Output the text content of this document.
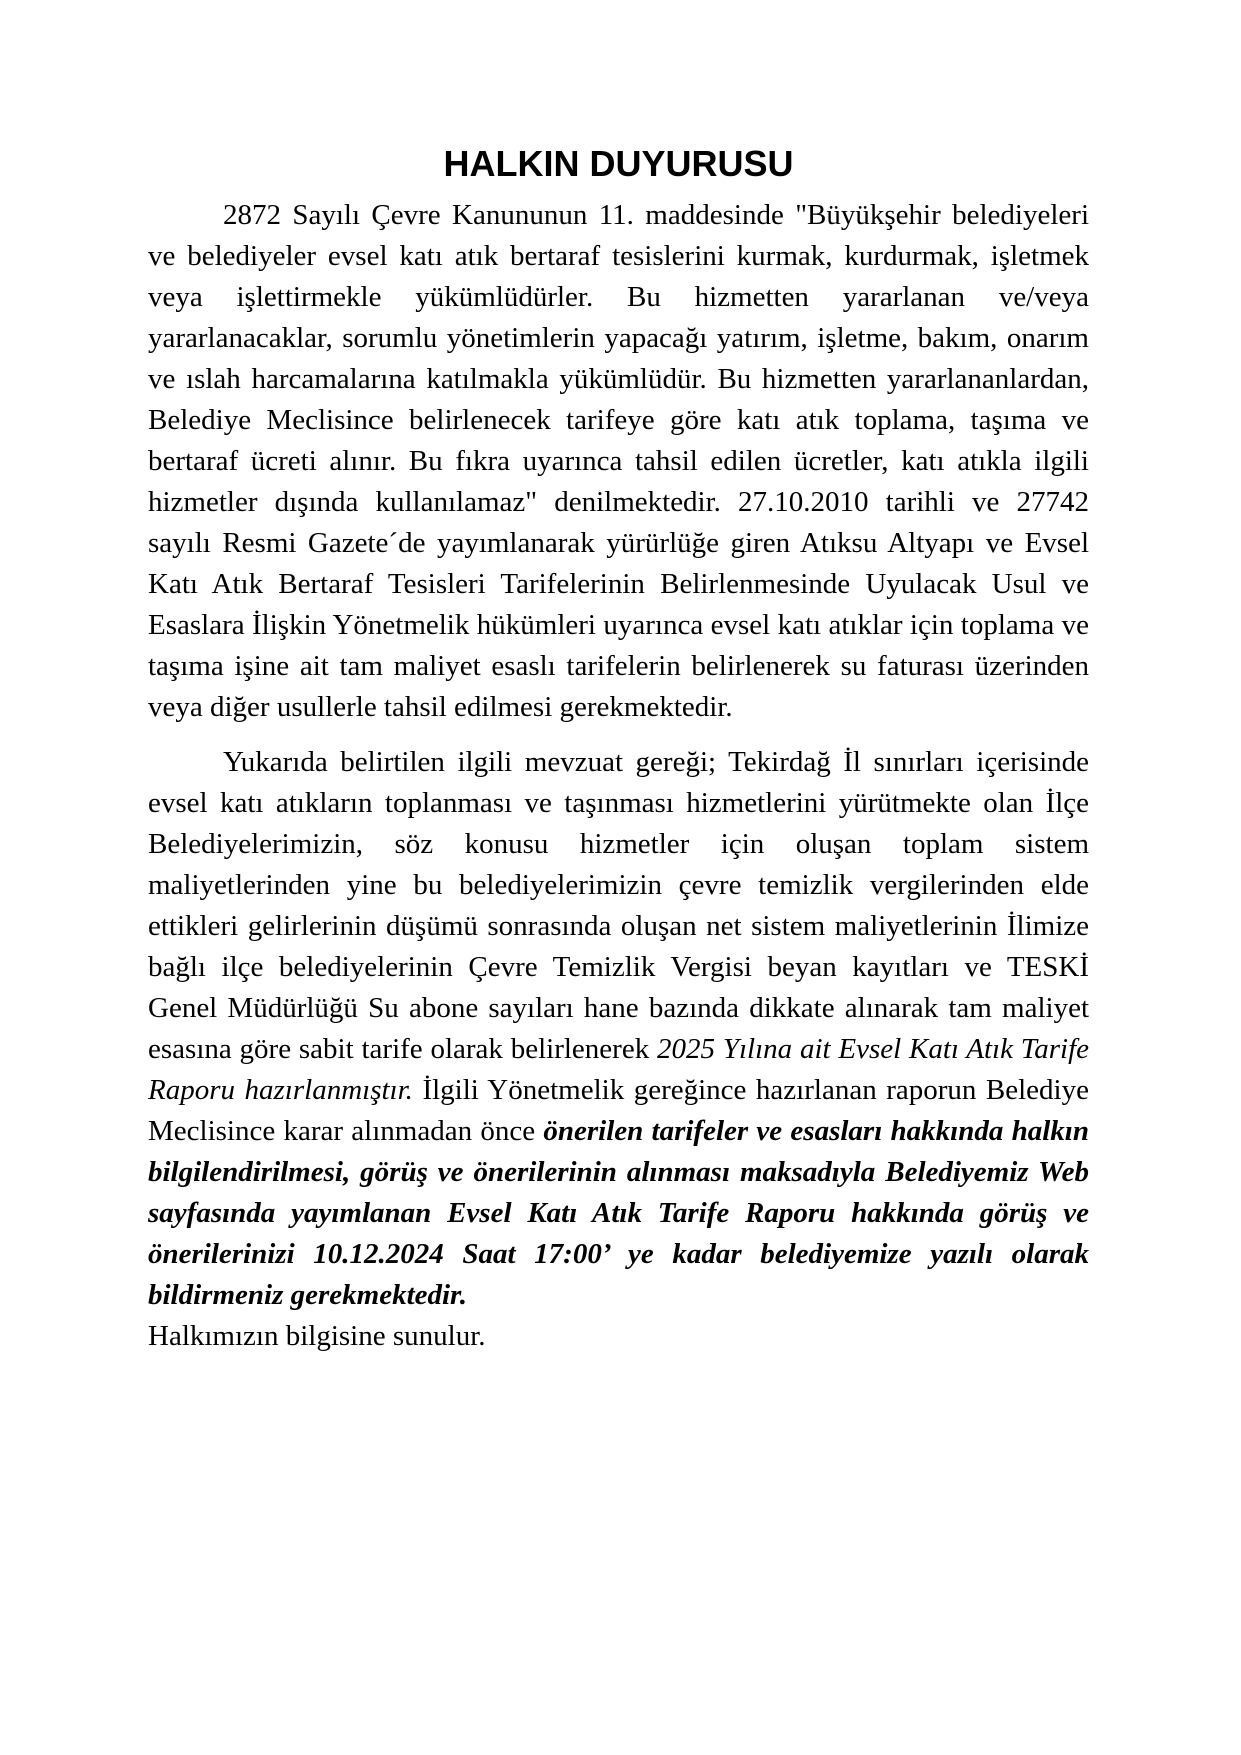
HALKIN DUYURUSU

2872 Sayılı Çevre Kanununun 11. maddesinde "Büyükşehir belediyeleri ve belediyeler evsel katı atık bertaraf tesislerini kurmak, kurdurmak, işletmek veya işlettirmekle yükümlüdürler. Bu hizmetten yararlanan ve/veya yararlanacaklar, sorumlu yönetimlerin yapacağı yatırım, işletme, bakım, onarım ve ıslah harcamalarına katılmakla yükümlüdür. Bu hizmetten yararlananlardan, Belediye Meclisince belirlenecek tarifeye göre katı atık toplama, taşıma ve bertaraf ücreti alınır. Bu fıkra uyarınca tahsil edilen ücretler, katı atıkla ilgili hizmetler dışında kullanılamaz" denilmektedir. 27.10.2010 tarihli ve 27742 sayılı Resmi Gazete´de yayımlanarak yürürlüğe giren Atıksu Altyapı ve Evsel Katı Atık Bertaraf Tesisleri Tarifelerinin Belirlenmesinde Uyulacak Usul ve Esaslara İlişkin Yönetmelik hükümleri uyarınca evsel katı atıklar için toplama ve taşıma işine ait tam maliyet esaslı tarifelerin belirlenerek su faturası üzerinden veya diğer usullerle tahsil edilmesi gerekmektedir.

Yukarıda belirtilen ilgili mevzuat gereği; Tekirdağ İl sınırları içerisinde evsel katı atıkların toplanması ve taşınması hizmetlerini yürütmekte olan İlçe Belediyelerimizin, söz konusu hizmetler için oluşan toplam sistem maliyetlerinden yine bu belediyelerimizin çevre temizlik vergilerinden elde ettikleri gelirlerinin düşümü sonrasında oluşan net sistem maliyetlerinin İlimize bağlı ilçe belediyelerinin Çevre Temizlik Vergisi beyan kayıtları ve TESKİ Genel Müdürlüğü Su abone sayıları hane bazında dikkate alınarak tam maliyet esasına göre sabit tarife olarak belirlenerek 2025 Yılına ait Evsel Katı Atık Tarife Raporu hazırlanmıştır. İlgili Yönetmelik gereğince hazırlanan raporun Belediye Meclisince karar alınmadan önce önerilen tarifeler ve esasları hakkında halkın bilgilendirilmesi, görüş ve önerilerinin alınması maksadıyla Belediyemiz Web sayfasında yayımlanan Evsel Katı Atık Tarife Raporu hakkında görüş ve önerilerinizi 10.12.2024 Saat 17:00’ ye kadar belediyemize yazılı olarak bildirmeniz gerekmektedir.

Halkımızın bilgisine sunulur.
